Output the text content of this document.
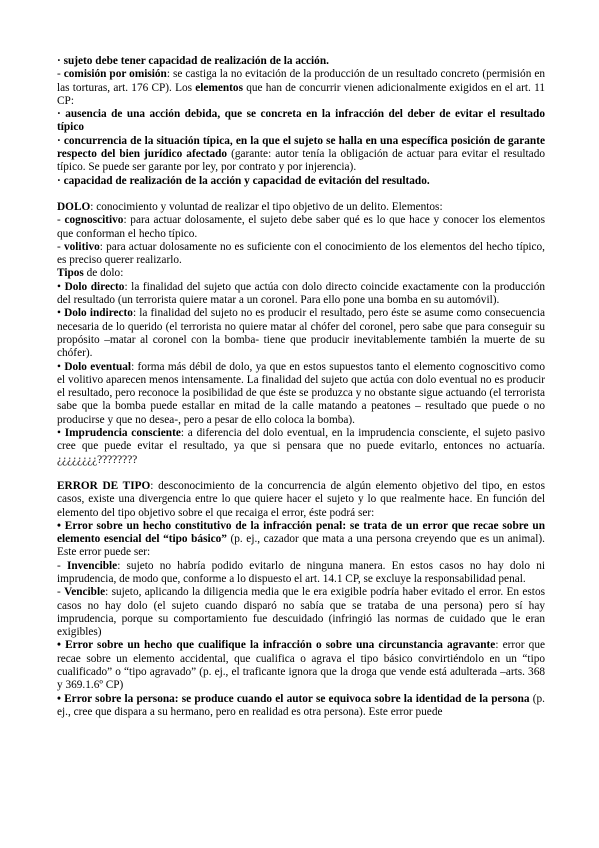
· sujeto debe tener capacidad de realización de la acción.

- comisión por omisión: se castiga la no evitación de la producción de un resultado concreto (permisión en las torturas, art. 176 CP). Los elementos que han de concurrir vienen adicionalmente exigidos en el art. 11 CP:

· ausencia de una acción debida, que se concreta en la infracción del deber de evitar el resultado típico

· concurrencia de la situación típica, en la que el sujeto se halla en una específica posición de garante respecto del bien jurídico afectado (garante: autor tenía la obligación de actuar para evitar el resultado típico. Se puede ser garante por ley, por contrato y por injerencia).

· capacidad de realización de la acción y capacidad de evitación del resultado.

DOLO: conocimiento y voluntad de realizar el tipo objetivo de un delito. Elementos:

- cognoscitivo: para actuar dolosamente, el sujeto debe saber qué es lo que hace y conocer los elementos que conforman el hecho típico.

- volitivo: para actuar dolosamente no es suficiente con el conocimiento de los elementos del hecho típico, es preciso querer realizarlo.

Tipos de dolo:

• Dolo directo: la finalidad del sujeto que actúa con dolo directo coincide exactamente con la producción del resultado (un terrorista quiere matar a un coronel. Para ello pone una bomba en su automóvil).

• Dolo indirecto: la finalidad del sujeto no es producir el resultado, pero éste se asume como consecuencia necesaria de lo querido (el terrorista no quiere matar al chófer del coronel, pero sabe que para conseguir su propósito –matar al coronel con la bomba- tiene que producir inevitablemente también la muerte de su chófer).

• Dolo eventual: forma más débil de dolo, ya que en estos supuestos tanto el elemento cognoscitivo como el volitivo aparecen menos intensamente. La finalidad del sujeto que actúa con dolo eventual no es producir el resultado, pero reconoce la posibilidad de que éste se produzca y no obstante sigue actuando (el terrorista sabe que la bomba puede estallar en mitad de la calle matando a peatones – resultado que puede o no producirse y que no desea-, pero a pesar de ello coloca la bomba).

• Imprudencia consciente: a diferencia del dolo eventual, en la imprudencia consciente, el sujeto pasivo cree que puede evitar el resultado, ya que si pensara que no puede evitarlo, entonces no actuaría. ¿¿¿¿¿¿¿¿????????

ERROR DE TIPO: desconocimiento de la concurrencia de algún elemento objetivo del tipo, en estos casos, existe una divergencia entre lo que quiere hacer el sujeto y lo que realmente hace. En función del elemento del tipo objetivo sobre el que recaiga el error, éste podrá ser:

• Error sobre un hecho constitutivo de la infracción penal: se trata de un error que recae sobre un elemento esencial del “tipo básico” (p. ej., cazador que mata a una persona creyendo que es un animal). Este error puede ser:

- Invencible: sujeto no habría podido evitarlo de ninguna manera. En estos casos no hay dolo ni imprudencia, de modo que, conforme a lo dispuesto el art. 14.1 CP, se excluye la responsabilidad penal.

- Vencible: sujeto, aplicando la diligencia media que le era exigible podría haber evitado el error. En estos casos no hay dolo (el sujeto cuando disparó no sabía que se trataba de una persona) pero sí hay imprudencia, porque su comportamiento fue descuidado (infringió las normas de cuidado que le eran exigibles)

• Error sobre un hecho que cualifique la infracción o sobre una circunstancia agravante: error que recae sobre un elemento accidental, que cualifica o agrava el tipo básico convirtiéndolo en un “tipo cualificado” o “tipo agravado” (p. ej., el traficante ignora que la droga que vende está adulterada –arts. 368 y 369.1.6º CP)

• Error sobre la persona: se produce cuando el autor se equivoca sobre la identidad de la persona (p. ej., cree que dispara a su hermano, pero en realidad es otra persona). Este error puede
